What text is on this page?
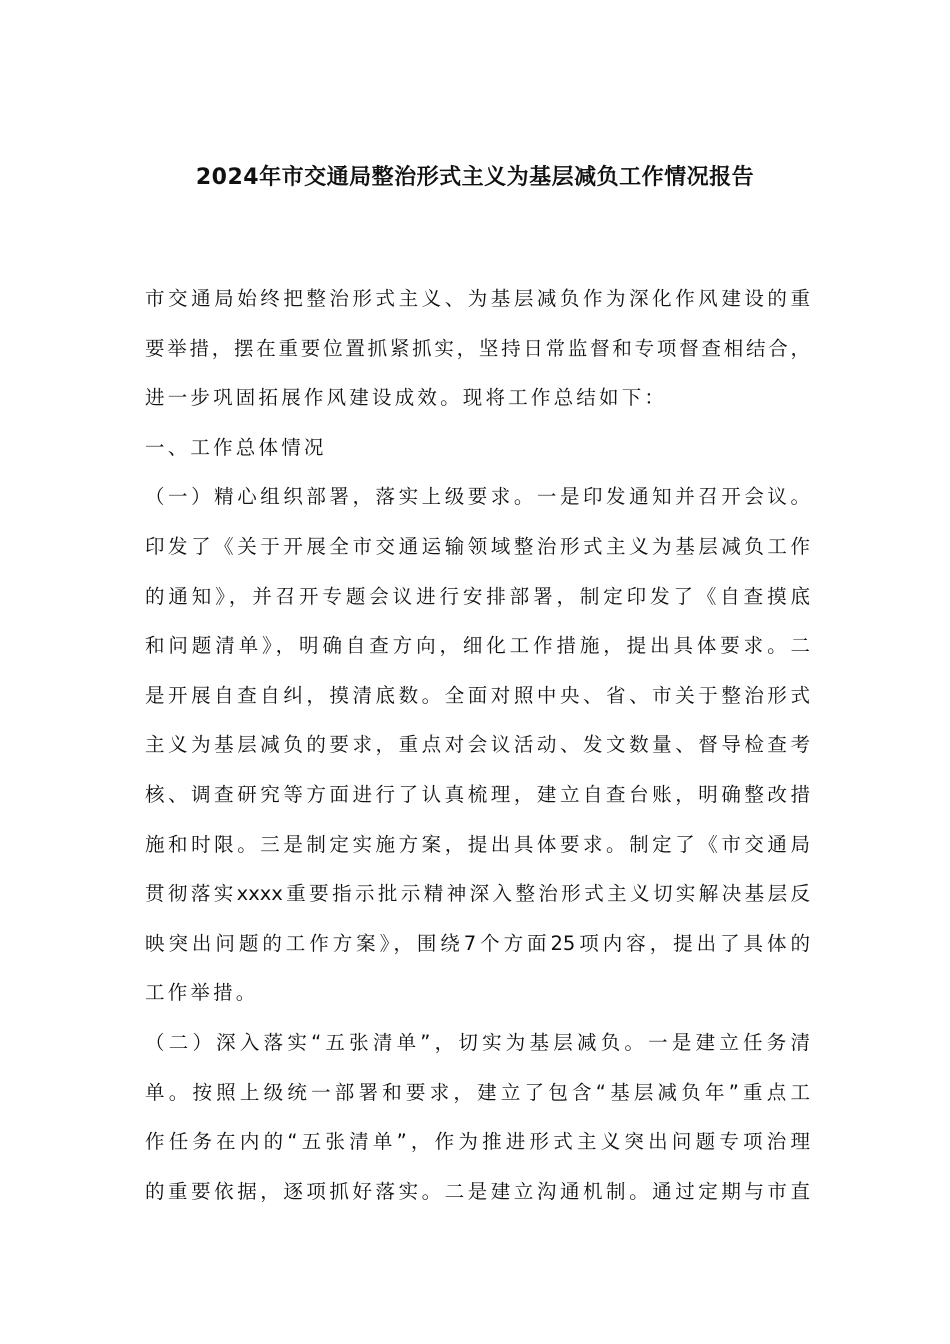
2024年市交通局整治形式主义为基层减负工作情况报告
市交通局始终把整治形式主义、为基层减负作为深化作风建设的重
要举措，摆在重要位置抓紧抓实，坚持日常监督和专项督查相结合，
进一步巩固拓展作风建设成效。现将工作总结如下：
一、工作总体情况
（一）精心组织部署，落实上级要求。一是印发通知并召开会议。
印发了《关于开展全市交通运输领域整治形式主义为基层减负工作
的通知》，并召开专题会议进行安排部署，制定印发了《自查摸底
和问题清单》，明确自查方向，细化工作措施，提出具体要求。二
是开展自查自纠，摸清底数。全面对照中央、省、市关于整治形式
主义为基层减负的要求，重点对会议活动、发文数量、督导检查考
核、调查研究等方面进行了认真梳理，建立自查台账，明确整改措
施和时限。三是制定实施方案，提出具体要求。制定了《市交通局
贯彻落实xxxx重要指示批示精神深入整治形式主义切实解决基层反
映突出问题的工作方案》，围绕7个方面25项内容，提出了具体的
工作举措。
（二）深入落实“五张清单”，切实为基层减负。一是建立任务清
单。按照上级统一部署和要求，建立了包含“基层减负年”重点工
作任务在内的“五张清单”，作为推进形式主义突出问题专项治理
的重要依据，逐项抓好落实。二是建立沟通机制。通过定期与市直
